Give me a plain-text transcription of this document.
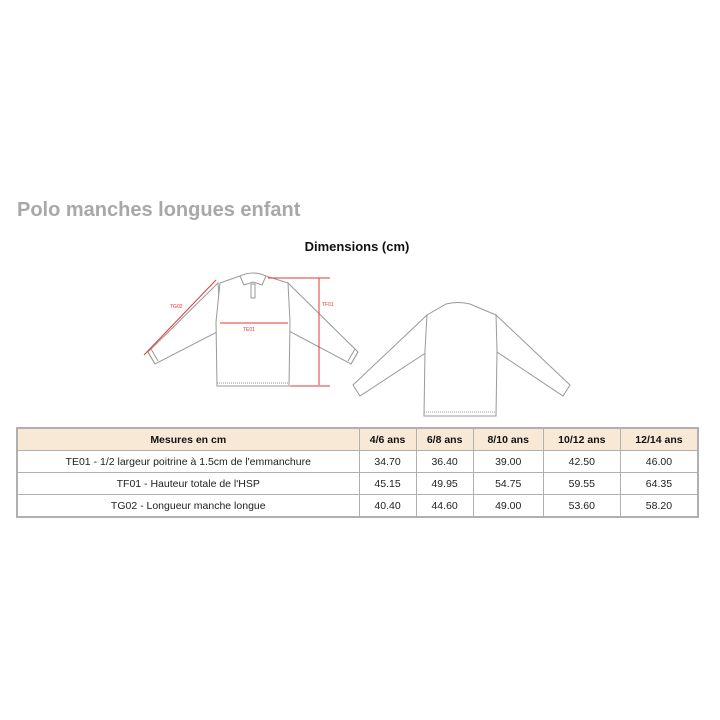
Polo manches longues enfant
Dimensions (cm)
TE01
TF01
TG02
Mesures en cm	4/6 ans	6/8 ans	8/10 ans	10/12 ans	12/14 ans
TE01 - 1/2 largeur poitrine à 1.5cm de l'emmanchure	34.70	36.40	39.00	42.50	46.00
TF01 - Hauteur totale de l'HSP	45.15	49.95	54.75	59.55	64.35
TG02 - Longueur manche longue	40.40	44.60	49.00	53.60	58.20
